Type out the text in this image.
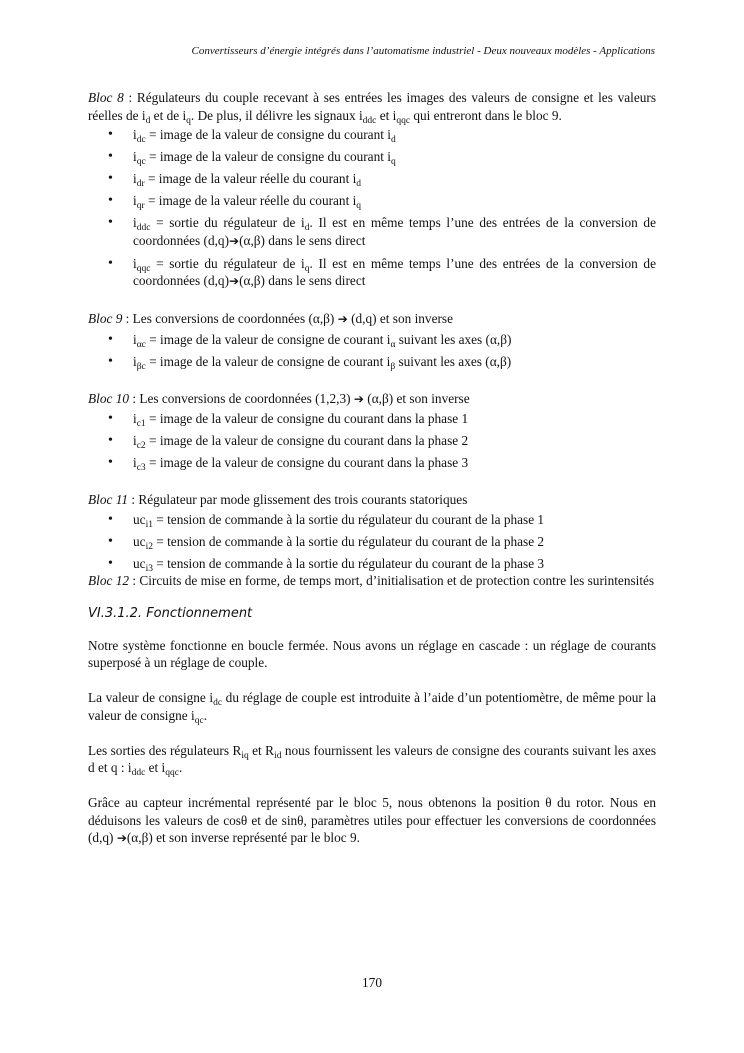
Convertisseurs d’énergie intégrés dans l’automatisme industriel - Deux nouveaux modèles - Applications

Bloc 8 : Régulateurs du couple recevant à ses entrées les images des valeurs de consigne et les valeurs réelles de $i_d$ et de $i_q$. De plus, il délivre les signaux $i_{ddc}$ et $i_{qqc}$ qui entreront dans le bloc 9.

• $i_{dc}$ = image de la valeur de consigne du courant $i_d$
• $i_{qc}$ = image de la valeur de consigne du courant $i_q$
• $i_{dr}$ = image de la valeur réelle du courant $i_d$
• $i_{qr}$ = image de la valeur réelle du courant $i_q$
• $i_{ddc}$ = sortie du régulateur de $i_d$. Il est en même temps l’une des entrées de la conversion de coordonnées (d,q)➔(α,β) dans le sens direct
• $i_{qqc}$ = sortie du régulateur de $i_q$. Il est en même temps l’une des entrées de la conversion de coordonnées (d,q)➔(α,β) dans le sens direct

Bloc 9 : Les conversions de coordonnées (α,β) ➔ (d,q) et son inverse

• $i_{\alpha c}$ = image de la valeur de consigne de courant $i_\alpha$ suivant les axes (α,β)
• $i_{\beta c}$ = image de la valeur de consigne de courant $i_\beta$ suivant les axes (α,β)

Bloc 10 : Les conversions de coordonnées (1,2,3) ➔ (α,β) et son inverse

• $i_{c1}$ = image de la valeur de consigne du courant dans la phase 1
• $i_{c2}$ = image de la valeur de consigne du courant dans la phase 2
• $i_{c3}$ = image de la valeur de consigne du courant dans la phase 3

Bloc 11 : Régulateur par mode glissement des trois courants statoriques

• $uc_{i1}$ = tension de commande à la sortie du régulateur du courant de la phase 1
• $uc_{i2}$ = tension de commande à la sortie du régulateur du courant de la phase 2
• $uc_{i3}$ = tension de commande à la sortie du régulateur du courant de la phase 3

Bloc 12 : Circuits de mise en forme, de temps mort, d’initialisation et de protection contre les surintensités

VI.3.1.2. Fonctionnement

Notre système fonctionne en boucle fermée. Nous avons un réglage en cascade : un réglage de courants superposé à un réglage de couple.

La valeur de consigne $i_{dc}$ du réglage de couple est introduite à l’aide d’un potentiomètre, de même pour la valeur de consigne $i_{qc}$.

Les sorties des régulateurs $R_{iq}$ et $R_{id}$ nous fournissent les valeurs de consigne des courants suivant les axes d et q : $i_{ddc}$ et $i_{qqc}$.

Grâce au capteur incrémental représenté par le bloc 5, nous obtenons la position θ du rotor. Nous en déduisons les valeurs de cosθ et de sinθ, paramètres utiles pour effectuer les conversions de coordonnées (d,q) ➔(α,β) et son inverse représenté par le bloc 9.

170
